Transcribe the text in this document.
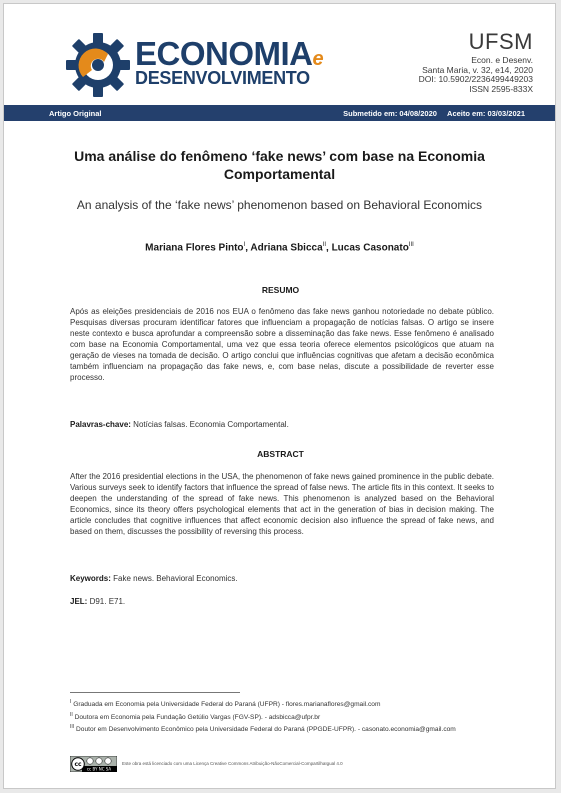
ECONOMIAe
DESENVOLVIMENTO
UFSM
Econ. e Desenv.
Santa Maria, v. 32, e14, 2020
DOI: 10.5902/2236499449203
ISSN 2595-833X
Artigo Original	Submetido em: 04/08/2020 Aceito em: 03/03/2021
Uma análise do fenômeno ‘fake news’ com base na Economia Comportamental
An analysis of the ‘fake news’ phenomenon based on Behavioral Economics
Mariana Flores Pinto$^I$, Adriana Sbicca$^{II}$, Lucas Casonato$^{III}$
RESUMO
Após as eleições presidenciais de 2016 nos EUA o fenômeno das fake news ganhou notoriedade no debate público. Pesquisas diversas procuram identificar fatores que influenciam a propagação de notícias falsas. O artigo se insere neste contexto e busca aprofundar a compreensão sobre a disseminação das fake news. Esse fenômeno é analisado com base na Economia Comportamental, uma vez que essa teoria oferece elementos psicológicos que atuam na geração de vieses na tomada de decisão. O artigo conclui que influências cognitivas que afetam a decisão econômica também influenciam na propagação das fake news, e, com base nelas, discute a possibilidade de reverter esse processo.
Palavras-chave: Notícias falsas. Economia Comportamental.
ABSTRACT
After the 2016 presidential elections in the USA, the phenomenon of fake news gained prominence in the public debate. Various surveys seek to identify factors that influence the spread of false news. The article fits in this context. It seeks to deepen the understanding of the spread of fake news. This phenomenon is analyzed based on the Behavioral Economics, since its theory offers psychological elements that act in the generation of bias in decision making. The article concludes that cognitive influences that affect economic decision also influence the spread of fake news, and based on them, discusses the possibility of reversing this process.
Keywords: Fake news. Behavioral Economics.
JEL: D91. E71.
$^I$ Graduada em Economia pela Universidade Federal do Paraná (UFPR) - flores.marianaflores@gmail.com
$^{II}$ Doutora em Economia pela Fundação Getúlio Vargas (FGV-SP). - adsbicca@ufpr.br
$^{III}$ Doutor em Desenvolvimento Econômico pela Universidade Federal do Paraná (PPGDE-UFPR). - casonato.economia@gmail.com
cc
cc BY NC SA
Este obra está licenciado com uma Licença Creative Commons Atribuição-NãoComercial-CompartilhaIgual 4.0
